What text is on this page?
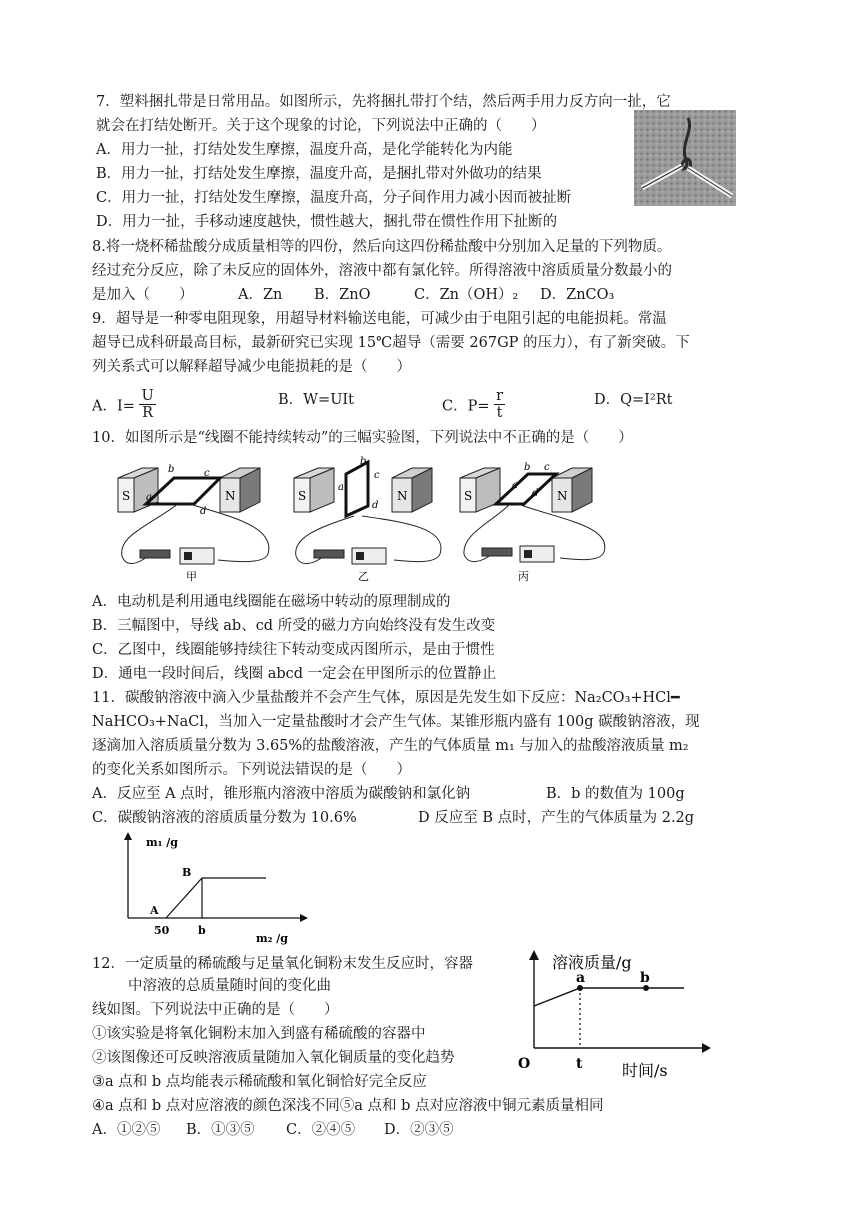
7．塑料捆扎带是日常用品。如图所示，先将捆扎带打个结，然后两手用力反方向一扯，它
就会在打结处断开。关于这个现象的讨论，下列说法中正确的（　　）
A．用力一扯，打结处发生摩擦，温度升高，是化学能转化为内能
B．用力一扯，打结处发生摩擦，温度升高，是捆扎带对外做功的结果
C．用力一扯，打结处发生摩擦，温度升高，分子间作用力减小因而被扯断
D．用力一扯，手移动速度越快，惯性越大，捆扎带在惯性作用下扯断的
8.将一烧杯稀盐酸分成质量相等的四份，然后向这四份稀盐酸中分别加入足量的下列物质。
经过充分反应，除了未反应的固体外，溶液中都有氯化锌。所得溶液中溶质质量分数最小的
是加入（　　）	A．Zn B．ZnO	C．Zn（OH）₂ D．ZnCO₃
9．超导是一种零电阻现象，用超导材料输送电能，可减少由于电阻引起的电能损耗。常温
超导已成科研最高目标，最新研究已实现 15℃超导（需要 267GP 的压力），有了新突破。下
列关系式可以解释超导减少电能损耗的是（　　）
A．$I= \frac{U}{R}$	B．W=UIt	C．$P= \frac{r}{t}$	D．Q=I²Rt
10．如图所示是“线圈不能持续转动”的三幅实验图，下列说法中不正确的是（　　）
S	N
b	c
a
d
甲
S	N
b
c
a
d
乙
S	N
b c
a
d
丙
A．电动机是利用通电线圈能在磁场中转动的原理制成的
B．三幅图中，导线 ab、cd 所受的磁力方向始终没有发生改变
C．乙图中，线圈能够持续往下转动变成丙图所示，是由于惯性
D．通电一段时间后，线圈 abcd 一定会在甲图所示的位置静止
11．碳酸钠溶液中滴入少量盐酸并不会产生气体，原因是先发生如下反应：Na₂CO₃+HCl━
NaHCO₃+NaCl，当加入一定量盐酸时才会产生气体。某锥形瓶内盛有 100g 碳酸钠溶液，现
逐滴加入溶质质量分数为 3.65%的盐酸溶液，产生的气体质量 m₁ 与加入的盐酸溶液质量 m₂
的变化关系如图所示。下列说法错误的是（　　）
A．反应至 A 点时，锥形瓶内溶液中溶质为碳酸钠和氯化钠	B．b 的数值为 100g
C．碳酸钠溶液的溶质质量分数为 10.6%	D 反应至 B 点时，产生的气体质量为 2.2g
m₁ /g
m₂ /g
A
B
50	b
12．一定质量的稀硫酸与足量氧化铜粉末发生反应时，容器
中溶液的总质量随时间的变化曲
线如图。下列说法中正确的是（　　）
①该实验是将氧化铜粉末加入到盛有稀硫酸的容器中
②该图像还可反映溶液质量随加入氧化铜质量的变化趋势
③a 点和 b 点均能表示稀硫酸和氧化铜恰好完全反应
④a 点和 b 点对应溶液的颜色深浅不同⑤a 点和 b 点对应溶液中铜元素质量相同
A．①②⑤ B．①③⑤ C．②④⑤ D．②③⑤
溶液质量/g
时间/s
O	t
a	b
